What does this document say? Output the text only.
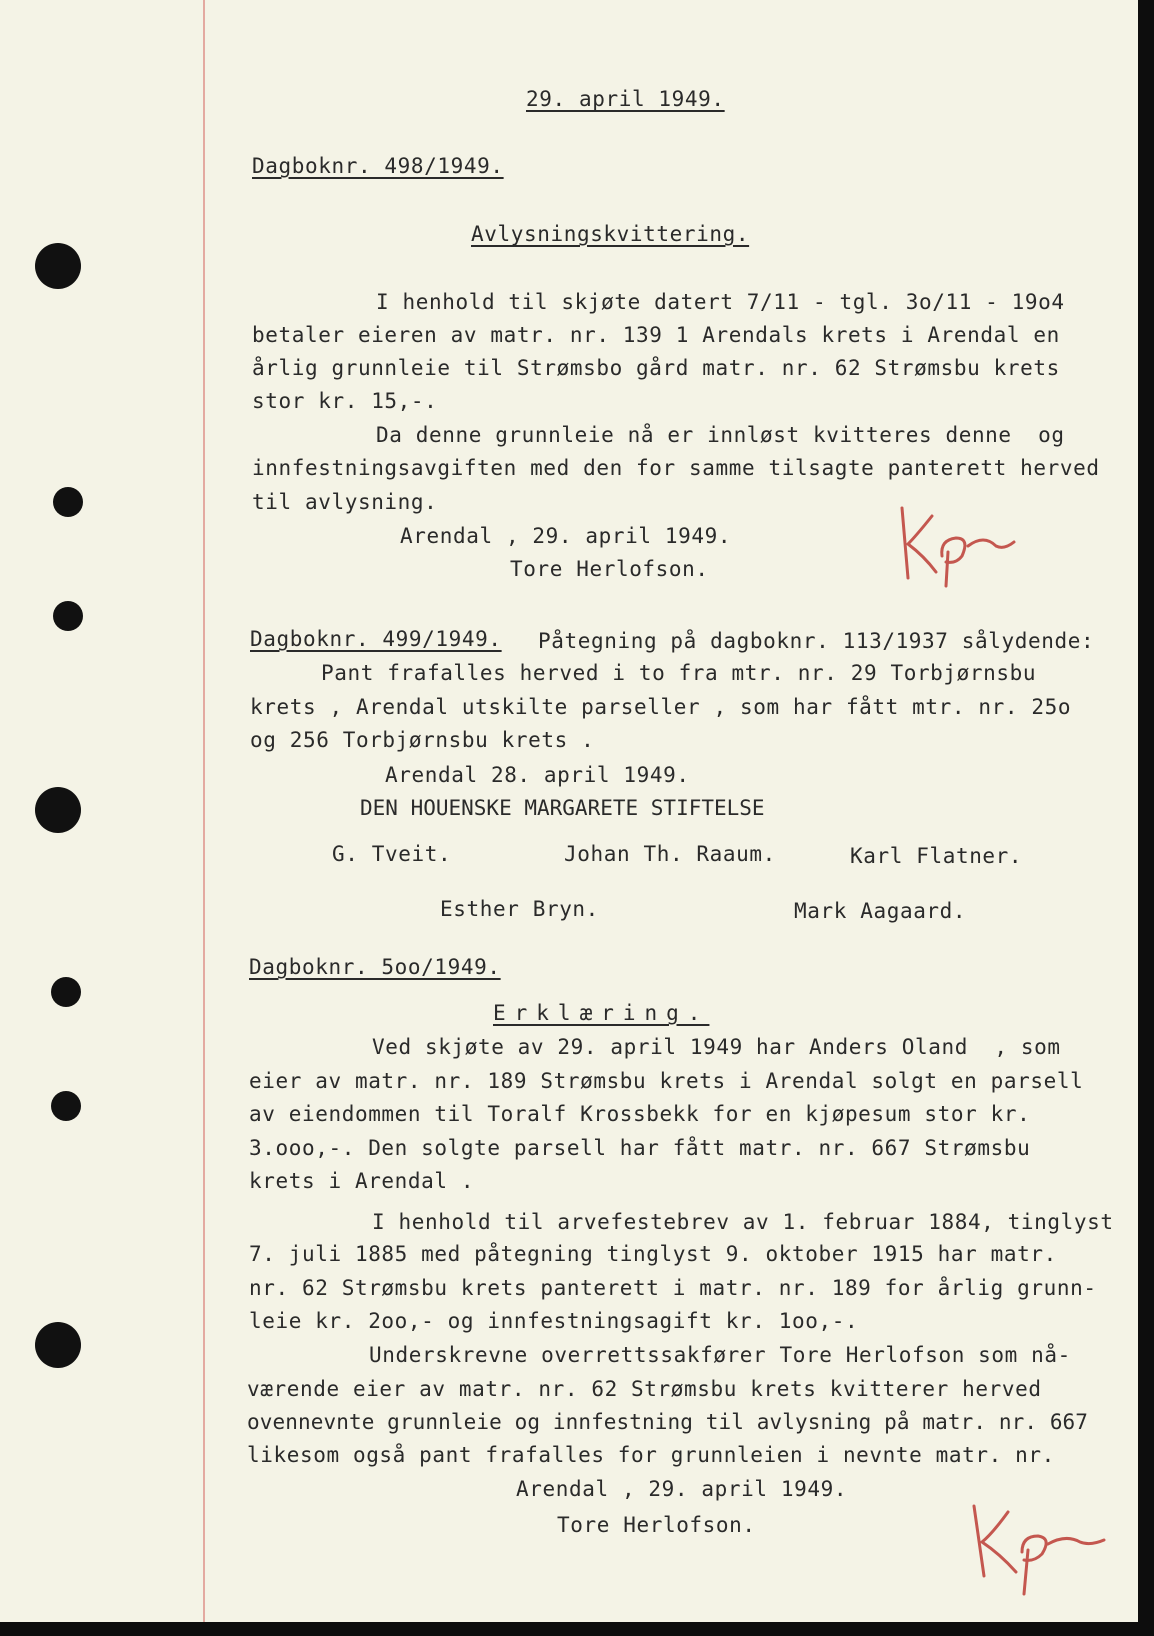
29. april 1949.
Dagboknr. 498/1949.
Avlysningskvittering.
I henhold til skjøte datert 7/11 - tgl. 3o/11 - 19o4
betaler eieren av matr. nr. 139 1 Arendals krets i Arendal en
årlig grunnleie til Strømsbo gård matr. nr. 62 Strømsbu krets
stor kr. 15,-.
Da denne grunnleie nå er innløst kvitteres denne  og
innfestningsavgiften med den for samme tilsagte panterett herved
til avlysning.
Arendal , 29. april 1949.
Tore Herlofson.
Dagboknr. 499/1949. Påtegning på dagboknr. 113/1937 sålydende:
Pant frafalles herved i to fra mtr. nr. 29 Torbjørnsbu
krets , Arendal utskilte parseller , som har fått mtr. nr. 25o
og 256 Torbjørnsbu krets .
Arendal 28. april 1949.
DEN HOUENSKE MARGARETE STIFTELSE
G. Tveit.	Johan Th. Raaum.	Karl Flatner.
Esther Bryn.	Mark Aagaard.
Dagboknr. 5oo/1949.
Erklæring.
Ved skjøte av 29. april 1949 har Anders Oland  , som
eier av matr. nr. 189 Strømsbu krets i Arendal solgt en parsell
av eiendommen til Toralf Krossbekk for en kjøpesum stor kr.
3.ooo,-. Den solgte parsell har fått matr. nr. 667 Strømsbu
krets i Arendal .
I henhold til arvefestebrev av 1. februar 1884, tinglyst
7. juli 1885 med påtegning tinglyst 9. oktober 1915 har matr.
nr. 62 Strømsbu krets panterett i matr. nr. 189 for årlig grunn-
leie kr. 2oo,- og innfestningsagift kr. 1oo,-.
Underskrevne overrettssakfører Tore Herlofson som nå-
værende eier av matr. nr. 62 Strømsbu krets kvitterer herved
ovennevnte grunnleie og innfestning til avlysning på matr. nr. 667
likesom også pant frafalles for grunnleien i nevnte matr. nr.
Arendal , 29. april 1949.
Tore Herlofson.
